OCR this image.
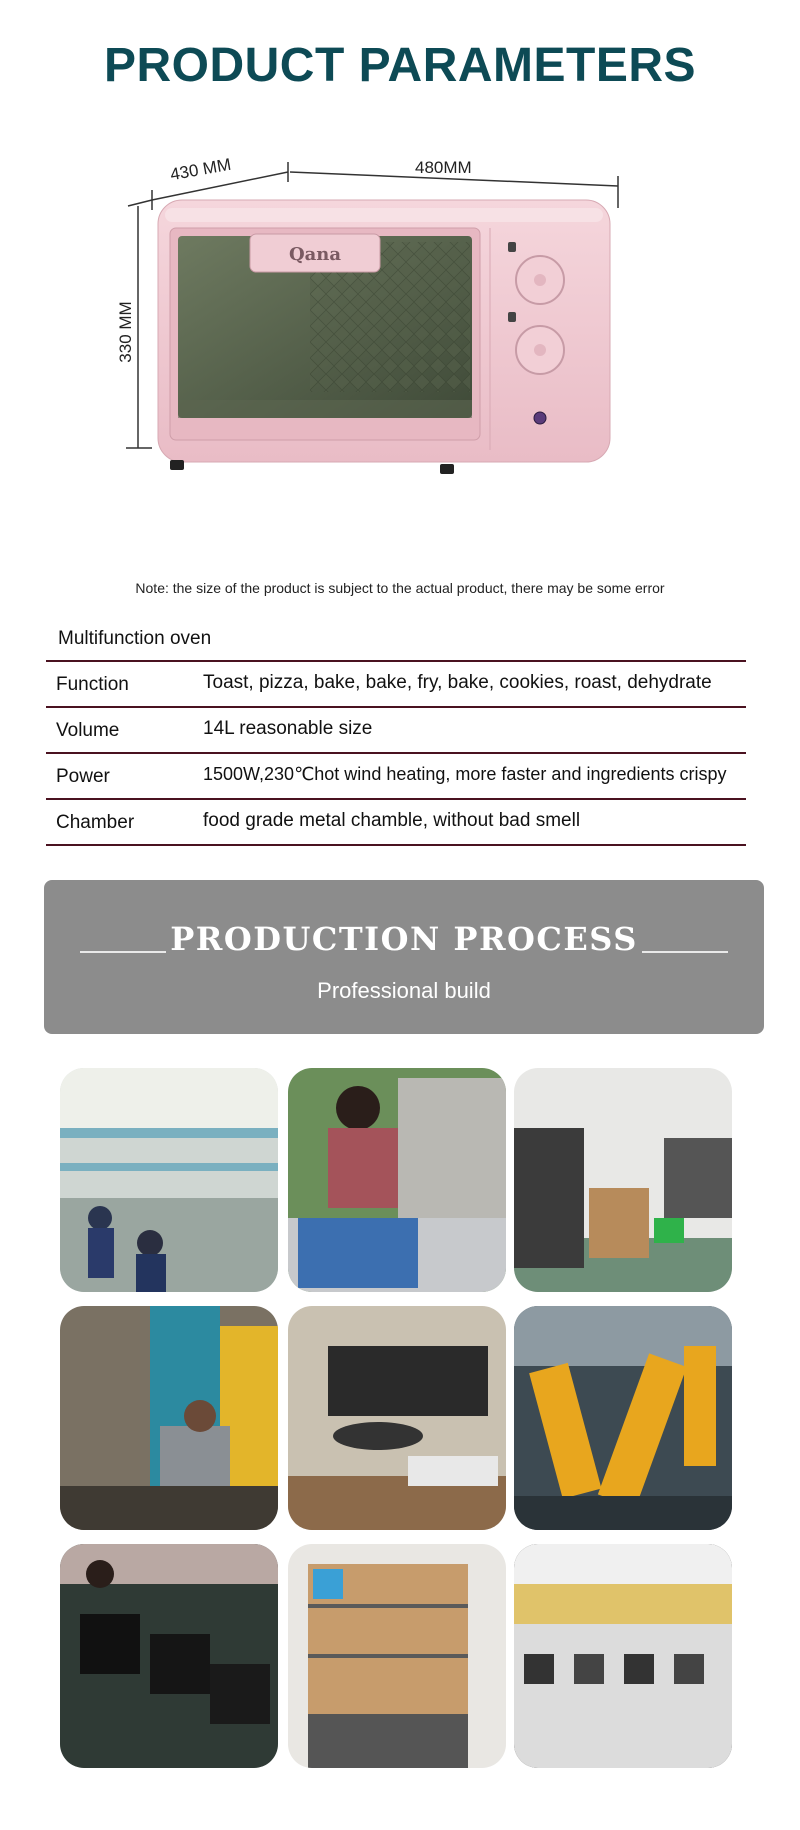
PRODUCT PARAMETERS
430 MM	480MM
330 MM
Qana
Note: the size of the product is subject to the actual product, there may be some error
Multifunction oven
Function	Toast, pizza, bake, bake, fry, bake, cookies, roast, dehydrate
Volume	14L reasonable size
Power	1500W,230℃hot wind heating, more faster and ingredients crispy
Chamber	food grade metal chamble, without bad smell
PRODUCTION PROCESS
Professional build
